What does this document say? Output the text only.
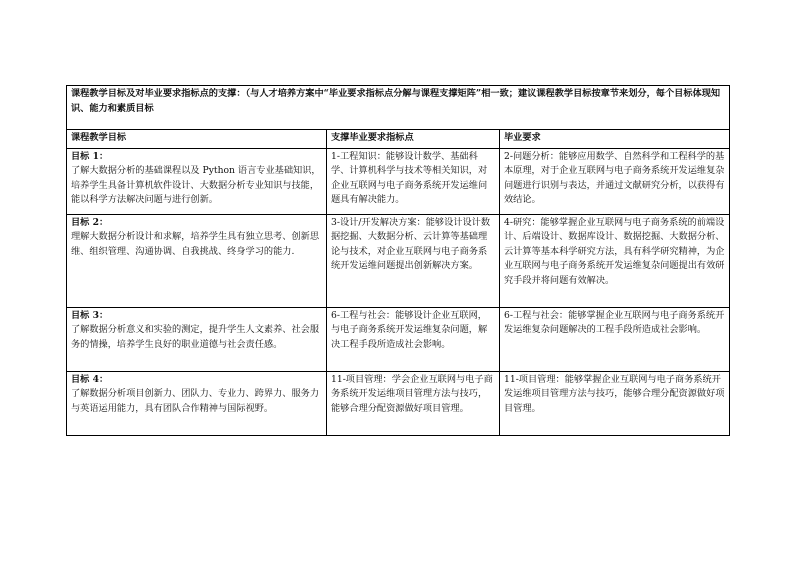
课程教学目标及对毕业要求指标点的支撑：（与人才培养方案中“毕业要求指标点分解与课程支撑矩阵”相一致；建议课程教学目标按章节来划分，每个目标体现知识、能力和素质目标		
课程教学目标	支撑毕业要求指标点	毕业要求

目标 1：
了解大数据分析的基础课程以及 Python 语言专业基础知识，培养学生具备计算机软件设计、大数据分析专业知识与技能，能以科学方法解决问题与进行创新。	1-工程知识：能够设计数学、基础科学、计算机科学与技术等相关知识，对企业互联网与电子商务系统开发运维问题具有解决能力。	2-问题分析：能够应用数学、自然科学和工程科学的基本原理，对于企业互联网与电子商务系统开发运维复杂问题进行识别与表达，并通过文献研究分析，以获得有效结论。

目标 2：
理解大数据分析设计和求解，培养学生具有独立思考、创新思维、组织管理、沟通协调、自我挑战、终身学习的能力.	3-设计/开发解决方案：能够设计设计数据挖掘、大数据分析、云计算等基础理论与技术，对企业互联网与电子商务系统开发运维问题提出创新解决方案。	4-研究：能够掌握企业互联网与电子商务系统的前端设计、后端设计、数据库设计、数据挖掘、大数据分析、云计算等基本科学研究方法，具有科学研究精神，为企业互联网与电子商务系统开发运维复杂问题提出有效研究手段并将问题有效解决。

目标 3：
了解数据分析意义和实验的测定，提升学生人文素养、社会服务的情操，培养学生良好的职业道德与社会责任感。	6-工程与社会：能够设计企业互联网，与电子商务系统开发运维复杂问题，解决工程手段所造成社会影响。	6-工程与社会：能够掌握企业互联网与电子商务系统开发运维复杂问题解决的工程手段所造成社会影响。

目标 4：
了解数据分析项目创新力、团队力、专业力、跨界力、服务力与英语运用能力，具有团队合作精神与国际视野。	11-项目管理：学会企业互联网与电子商务系统开发运维项目管理方法与技巧，能够合理分配资源做好项目管理。	11-项目管理：能够掌握企业互联网与电子商务系统开发运维项目管理方法与技巧，能够合理分配资源做好项目管理。
